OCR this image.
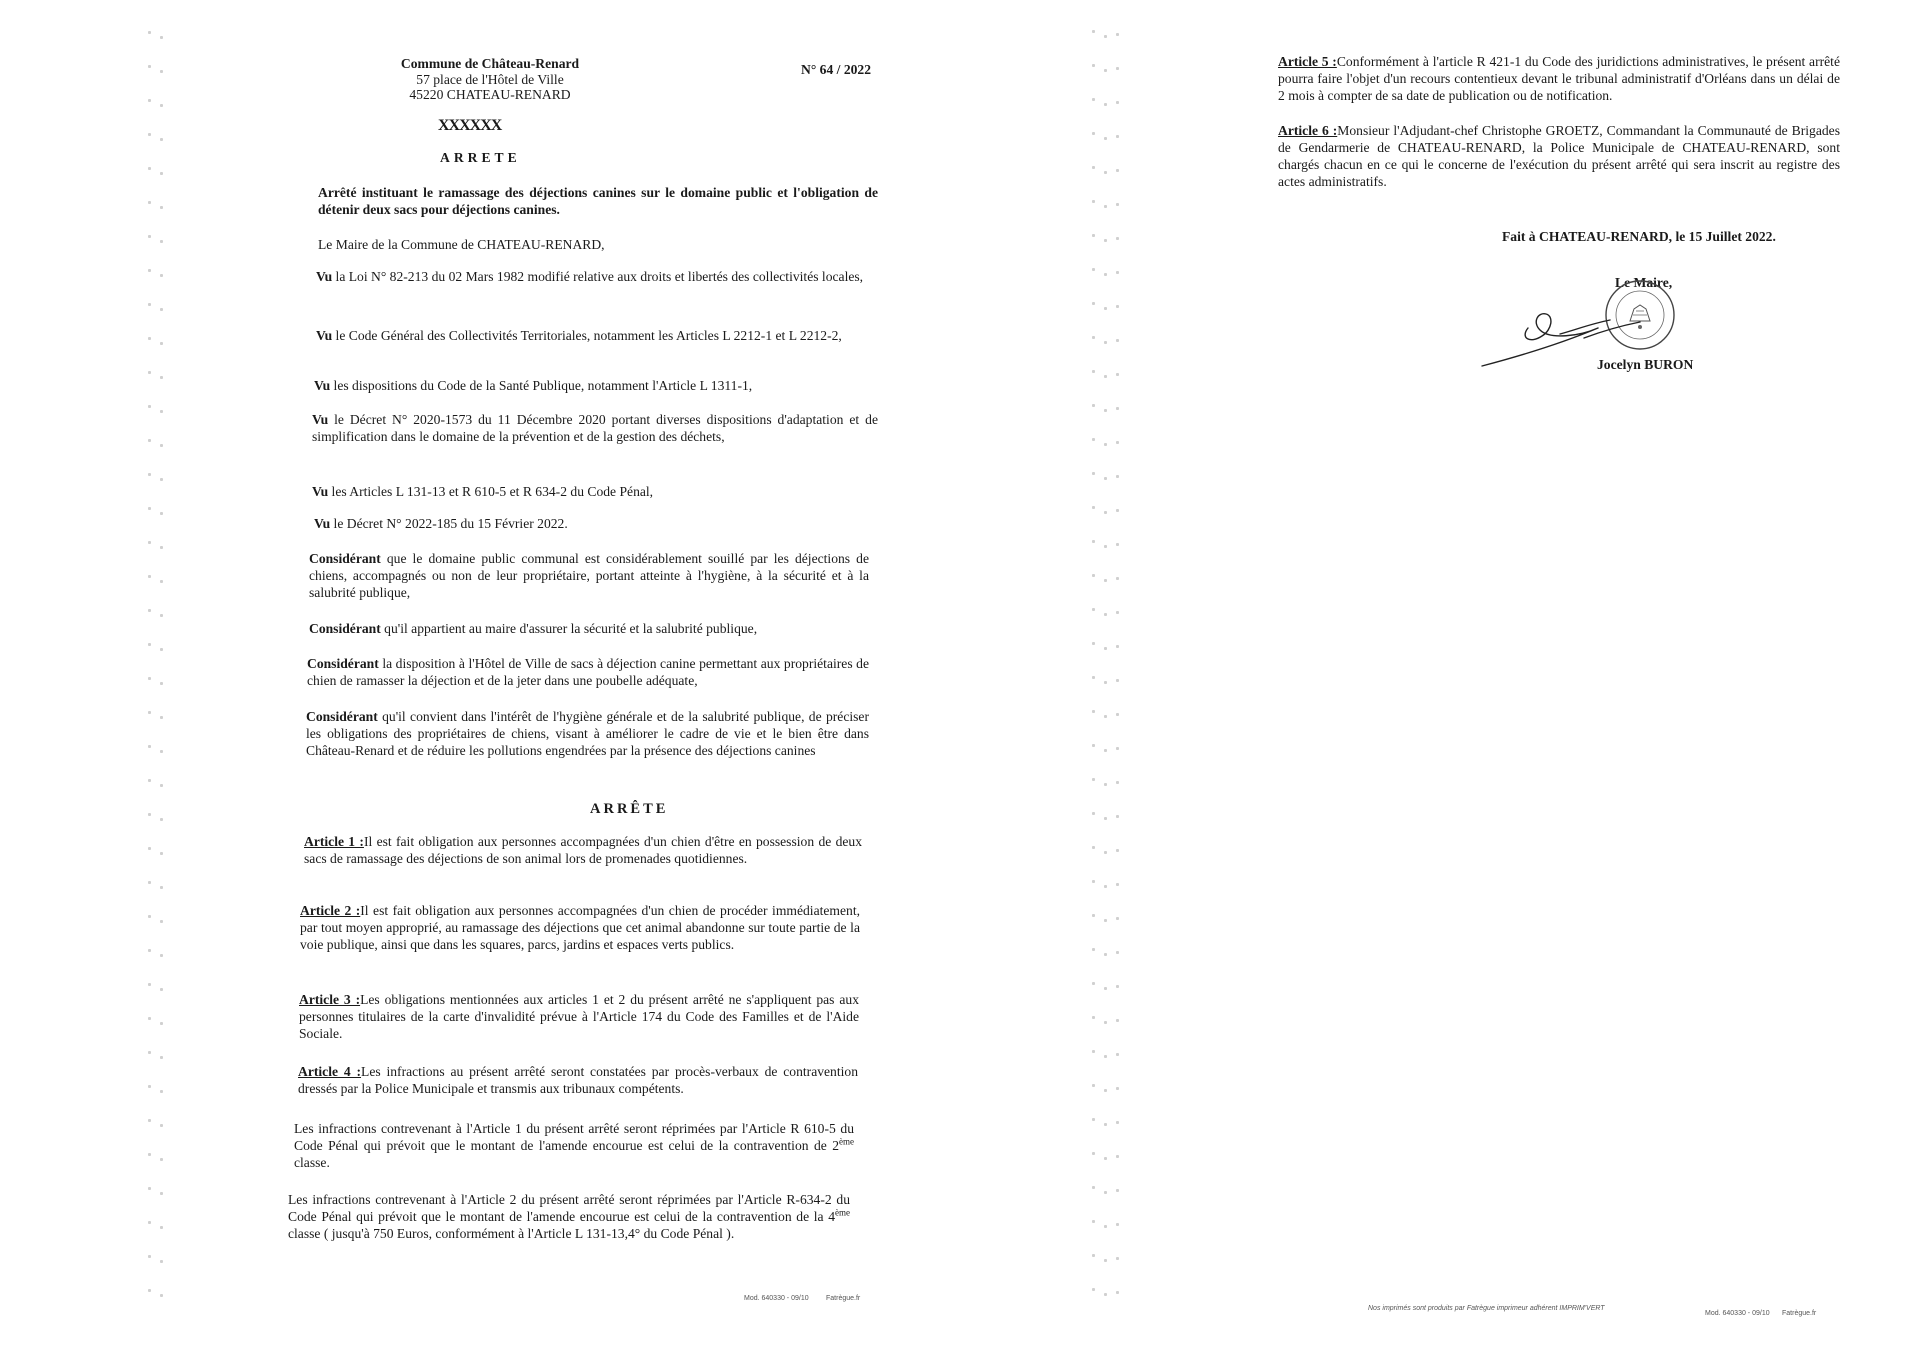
Commune de Château-Renard
57 place de l'Hôtel de Ville
45220 CHATEAU-RENARD
N° 64 / 2022
XXXXXX
ARRETE
Arrêté instituant le ramassage des déjections canines sur le domaine public et l'obligation de détenir deux sacs pour déjections canines.
Le Maire de la Commune de CHATEAU-RENARD,
Vu la Loi N° 82-213 du 02 Mars 1982 modifié relative aux droits et libertés des collectivités locales,
Vu le Code Général des Collectivités Territoriales, notamment les Articles L 2212-1 et L 2212-2,
Vu les dispositions du Code de la Santé Publique, notamment l'Article L 1311-1,
Vu le Décret N° 2020-1573 du 11 Décembre 2020 portant diverses dispositions d'adaptation et de simplification dans le domaine de la prévention et de la gestion des déchets,
Vu les Articles L 131-13 et R 610-5 et R 634-2 du Code Pénal,
Vu le Décret N° 2022-185 du 15 Février 2022.
Considérant que le domaine public communal est considérablement souillé par les déjections de chiens, accompagnés ou non de leur propriétaire, portant atteinte à l'hygiène, à la sécurité et à la salubrité publique,
Considérant qu'il appartient au maire d'assurer la sécurité et la salubrité publique,
Considérant la disposition à l'Hôtel de Ville de sacs à déjection canine permettant aux propriétaires de chien de ramasser la déjection et de la jeter dans une poubelle adéquate,
Considérant qu'il convient dans l'intérêt de l'hygiène générale et de la salubrité publique, de préciser les obligations des propriétaires de chiens, visant à améliorer le cadre de vie et le bien être dans Château-Renard et de réduire les pollutions engendrées par la présence des déjections canines
ARRÊTE
Article 1 :Il est fait obligation aux personnes accompagnées d'un chien d'être en possession de deux sacs de ramassage des déjections de son animal lors de promenades quotidiennes.
Article 2 :Il est fait obligation aux personnes accompagnées d'un chien de procéder immédiatement, par tout moyen approprié, au ramassage des déjections que cet animal abandonne sur toute partie de la voie publique, ainsi que dans les squares, parcs, jardins et espaces verts publics.
Article 3 :Les obligations mentionnées aux articles 1 et 2 du présent arrêté ne s'appliquent pas aux personnes titulaires de la carte d'invalidité prévue à l'Article 174 du Code des Familles et de l'Aide Sociale.
Article 4 :Les infractions au présent arrêté seront constatées par procès-verbaux de contravention dressés par la Police Municipale et transmis aux tribunaux compétents.
Les infractions contrevenant à l'Article 1 du présent arrêté seront réprimées par l'Article R 610-5 du Code Pénal qui prévoit que le montant de l'amende encourue est celui de la contravention de 2ème classe.
Les infractions contrevenant à l'Article 2 du présent arrêté seront réprimées par l'Article R-634-2 du Code Pénal qui prévoit que le montant de l'amende encourue est celui de la contravention de la 4ème classe ( jusqu'à 750 Euros, conformément à l'Article L 131-13,4° du Code Pénal ).
Mod. 640330 - 09/10 Fatrègue.fr
Article 5 :Conformément à l'article R 421-1 du Code des juridictions administratives, le présent arrêté pourra faire l'objet d'un recours contentieux devant le tribunal administratif d'Orléans dans un délai de 2 mois à compter de sa date de publication ou de notification.
Article 6 :Monsieur l'Adjudant-chef Christophe GROETZ, Commandant la Communauté de Brigades de Gendarmerie de CHATEAU-RENARD, la Police Municipale de CHATEAU-RENARD, sont chargés chacun en ce qui le concerne de l'exécution du présent arrêté qui sera inscrit au registre des actes administratifs.
Fait à CHATEAU-RENARD, le 15 Juillet 2022.
Le Maire,
Jocelyn BURON
Nos imprimés sont produits par Fatrègue imprimeur adhérent IMPRIM'VERT
Mod. 640330 - 09/10 Fatrègue.fr
